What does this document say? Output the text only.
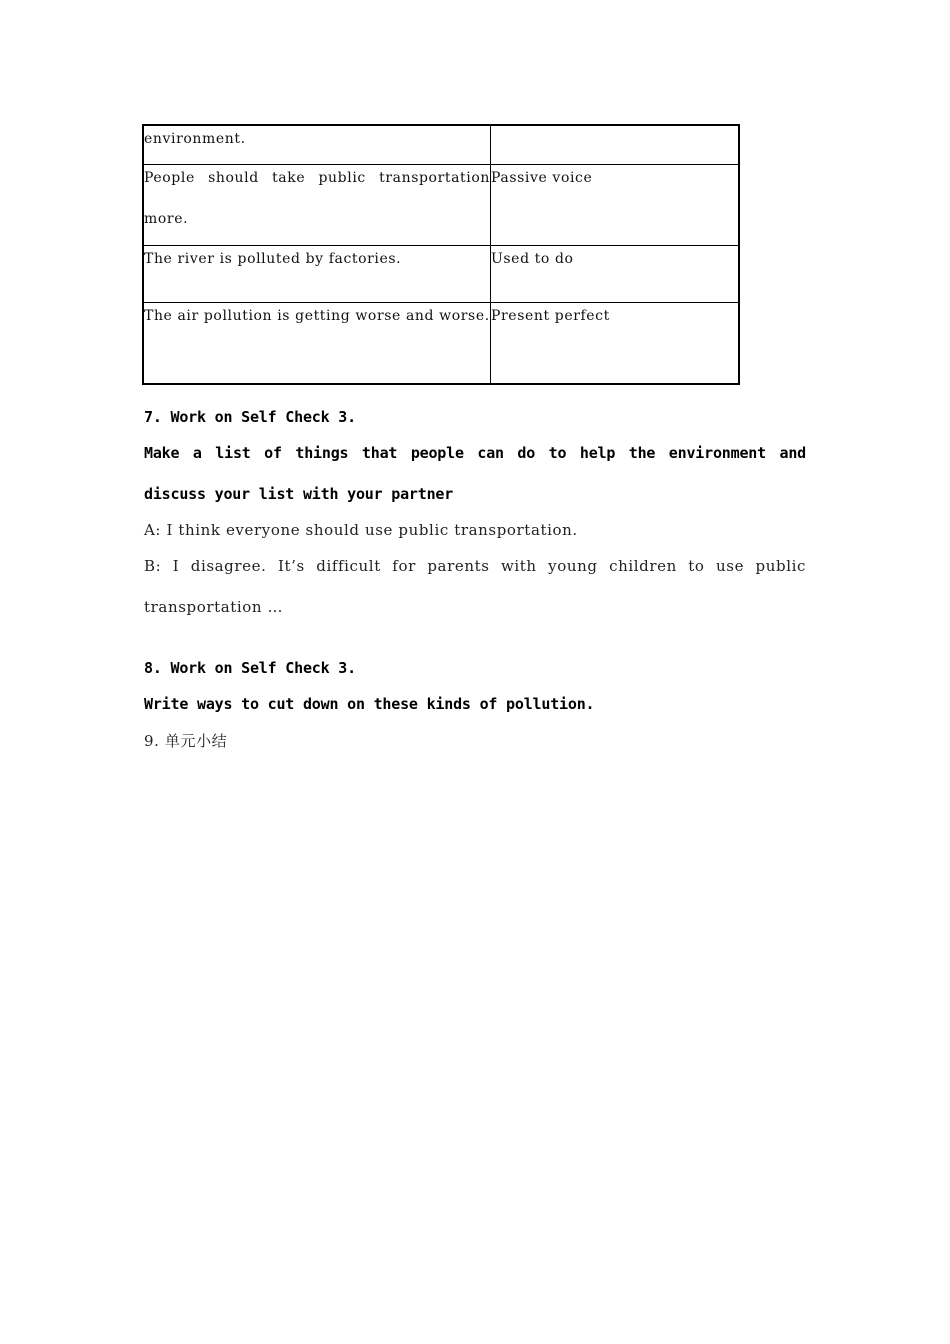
environment.	

People should take public transportation more.	Passive voice

The river is polluted by factories.	Used to do

The air pollution is getting worse and worse.	Present perfect

7. Work on Self Check 3.

Make a list of things that people can do to help the environment and discuss your list with your partner

A: I think everyone should use public transportation.

B: I disagree. It’s difficult for parents with young children to use public transportation …

8. Work on Self Check 3.

Write ways to cut down on these kinds of pollution.

9. 单元小结
